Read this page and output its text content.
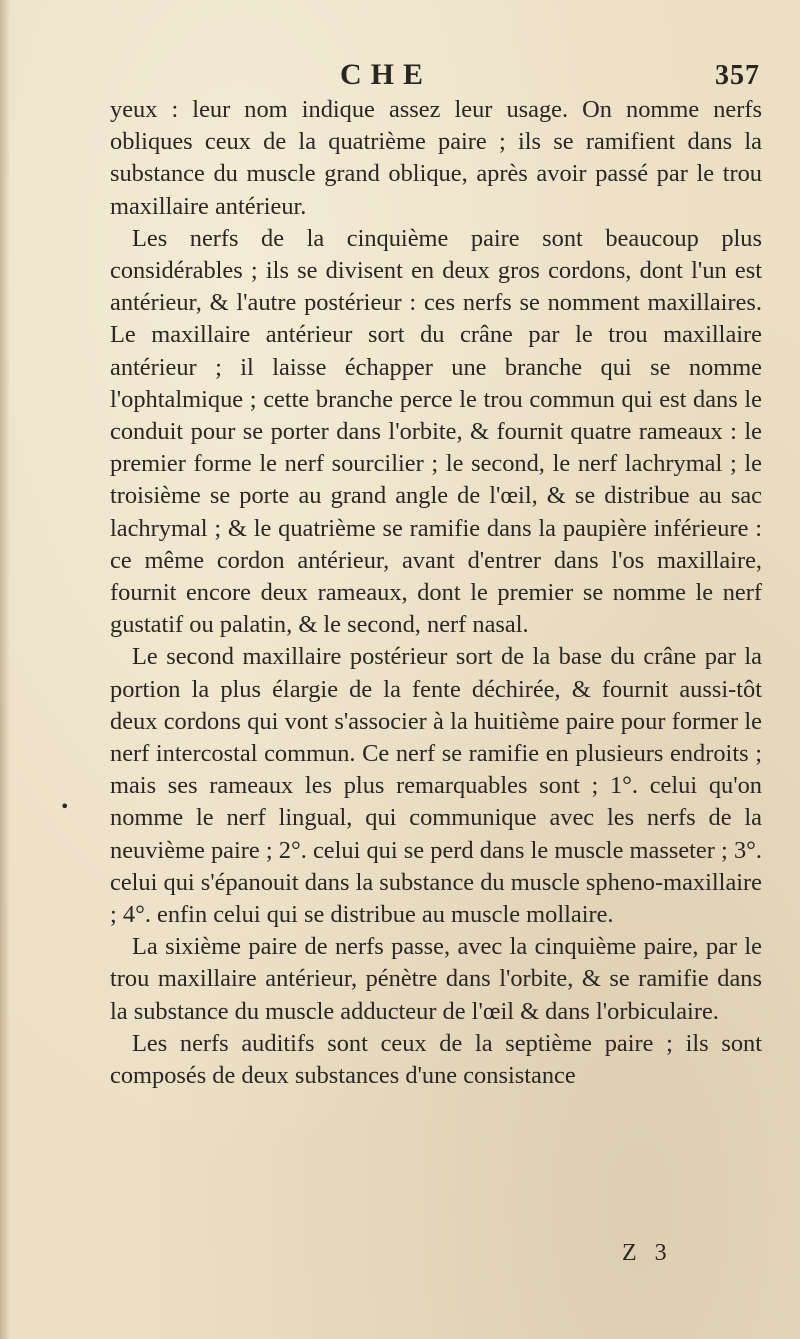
CHE	357

yeux : leur nom indique assez leur usage. On nomme nerfs obliques ceux de la quatrième paire ; ils se ramifient dans la substance du muscle grand oblique, après avoir passé par le trou maxillaire antérieur.

Les nerfs de la cinquième paire sont beaucoup plus considérables ; ils se divisent en deux gros cordons, dont l'un est antérieur, & l'autre postérieur : ces nerfs se nomment maxillaires. Le maxillaire antérieur sort du crâne par le trou maxillaire antérieur ; il laisse échapper une branche qui se nomme l'ophtalmique ; cette branche perce le trou commun qui est dans le conduit pour se porter dans l'orbite, & fournit quatre rameaux : le premier forme le nerf sourcilier ; le second, le nerf lachrymal ; le troisième se porte au grand angle de l'œil, & se distribue au sac lachrymal ; & le quatrième se ramifie dans la paupière inférieure : ce même cordon antérieur, avant d'entrer dans l'os maxillaire, fournit encore deux rameaux, dont le premier se nomme le nerf gustatif ou palatin, & le second, nerf nasal.

Le second maxillaire postérieur sort de la base du crâne par la portion la plus élargie de la fente déchirée, & fournit aussi-tôt deux cordons qui vont s'associer à la huitième paire pour former le nerf intercostal commun. Ce nerf se ramifie en plusieurs endroits ; mais ses rameaux les plus remarquables sont ; 1°. celui qu'on nomme le nerf lingual, qui communique avec les nerfs de la neuvième paire ; 2°. celui qui se perd dans le muscle masseter ; 3°. celui qui s'épanouit dans la substance du muscle spheno-maxillaire ; 4°. enfin celui qui se distribue au muscle mollaire.

La sixième paire de nerfs passe, avec la cinquième paire, par le trou maxillaire antérieur, pénètre dans l'orbite, & se ramifie dans la substance du muscle adducteur de l'œil & dans l'orbiculaire.

Les nerfs auditifs sont ceux de la septième paire ; ils sont composés de deux substances d'une consistance

•
Z 3
